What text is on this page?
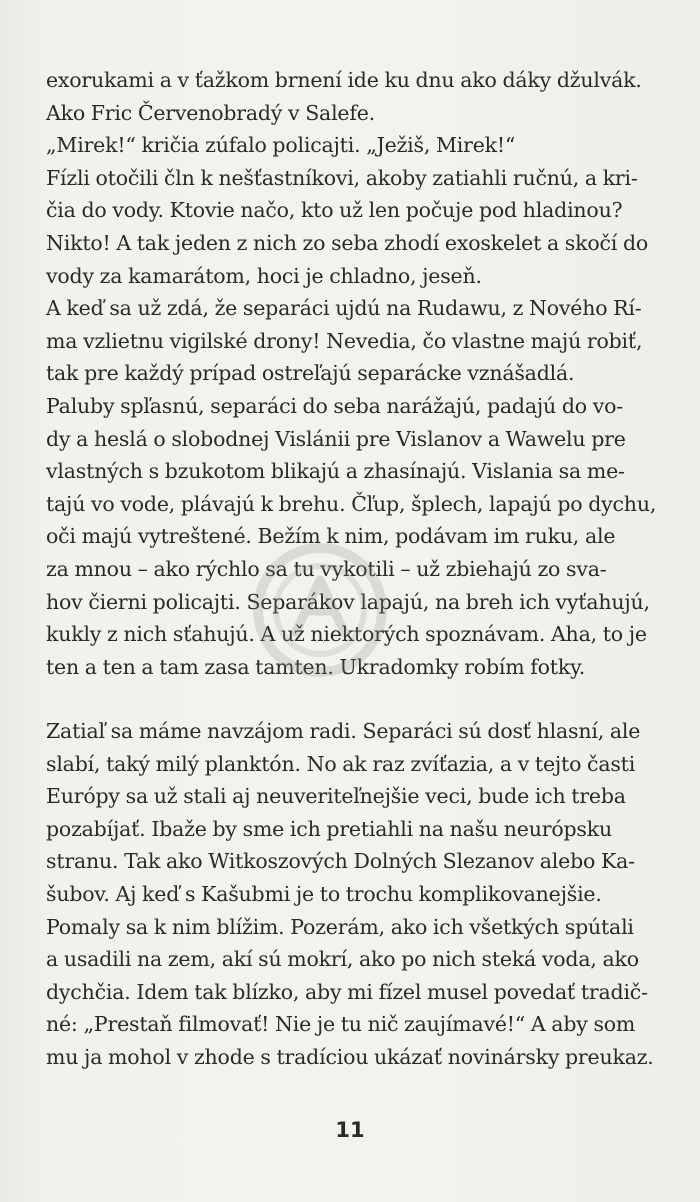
exorukami a v ťažkom brnení ide ku dnu ako dáky džulvák.
Ako Fric Červenobradý v Salefe.
„Mirek!“ kričia zúfalo policajti. „Ježiš, Mirek!“
Fízli otočili čln k nešťastníkovi, akoby zatiahli ručnú, a kri-
čia do vody. Ktovie načo, kto už len počuje pod hladinou?
Nikto! A tak jeden z nich zo seba zhodí exoskelet a skočí do
vody za kamarátom, hoci je chladno, jeseň.
A keď sa už zdá, že separáci ujdú na Rudawu, z Nového Rí-
ma vzlietnu vigilské drony! Nevedia, čo vlastne majú robiť,
tak pre každý prípad ostreľajú separácke vznášadlá.
Paluby spľasnú, separáci do seba narážajú, padajú do vo-
dy a heslá o slobodnej Vislánii pre Vislanov a Wawelu pre
vlastných s bzukotom blikajú a zhasínajú. Vislania sa me-
tajú vo vode, plávajú k brehu. Čľup, šplech, lapajú po dychu,
oči majú vytreštené. Bežím k nim, podávam im ruku, ale
za mnou – ako rýchlo sa tu vykotili – už zbiehajú zo sva-
hov čierni policajti. Separákov lapajú, na breh ich vyťahujú,
kukly z nich sťahujú. A už niektorých spoznávam. Aha, to je
ten a ten a tam zasa tamten. Ukradomky robím fotky.
Zatiaľ sa máme navzájom radi. Separáci sú dosť hlasní, ale
slabí, taký milý planktón. No ak raz zvíťazia, a v tejto časti
Európy sa už stali aj neuveriteľnejšie veci, bude ich treba
pozabíjať. Ibaže by sme ich pretiahli na našu neurópsku
stranu. Tak ako Witkoszových Dolných Slezanov alebo Ka-
šubov. Aj keď s Kašubmi je to trochu komplikovanejšie.
Pomaly sa k nim blížim. Pozerám, ako ich všetkých spútali
a usadili na zem, akí sú mokrí, ako po nich steká voda, ako
dychčia. Idem tak blízko, aby mi fízel musel povedať tradič-
né: „Prestaň filmovať! Nie je tu nič zaujímavé!“ A aby som
mu ja mohol v zhode s tradíciou ukázať novinársky preukaz.
11
